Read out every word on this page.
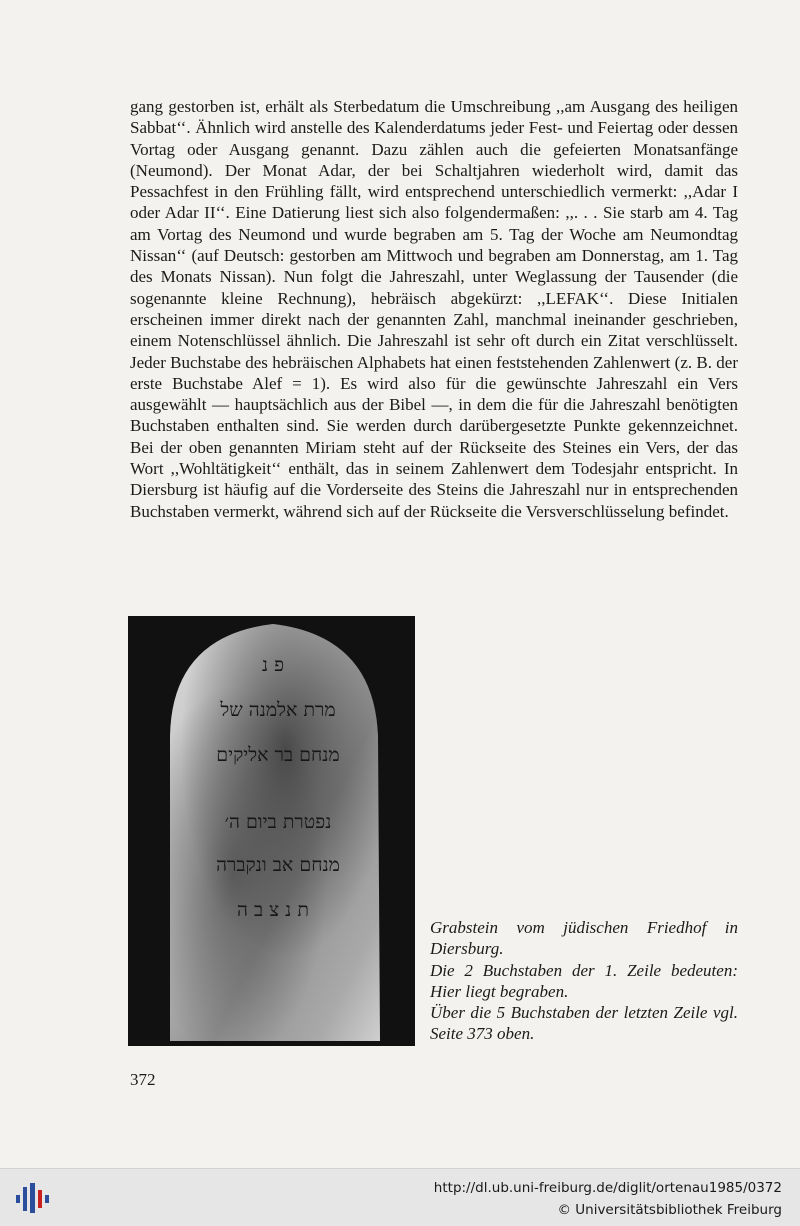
gang gestorben ist, erhält als Sterbedatum die Umschreibung ,,am Ausgang des heiligen Sabbat‘‘. Ähnlich wird anstelle des Kalenderdatums jeder Fest- und Feiertag oder dessen Vortag oder Ausgang genannt. Dazu zählen auch die gefeierten Monatsanfänge (Neumond). Der Monat Adar, der bei Schaltjahren wiederholt wird, damit das Pessachfest in den Frühling fällt, wird entsprechend unterschiedlich vermerkt: ,,Adar I oder Adar II‘‘. Eine Datierung liest sich also folgendermaßen: ,,. . . Sie starb am 4. Tag am Vortag des Neumond und wurde begraben am 5. Tag der Woche am Neumondtag Nissan‘‘ (auf Deutsch: gestorben am Mittwoch und begraben am Donnerstag, am 1. Tag des Monats Nissan). Nun folgt die Jahreszahl, unter Weglassung der Tausender (die sogenannte kleine Rechnung), hebräisch abgekürzt: ,,LEFAK‘‘. Diese Initialen erscheinen immer direkt nach der genannten Zahl, manchmal ineinander geschrieben, einem Notenschlüssel ähnlich. Die Jahreszahl ist sehr oft durch ein Zitat verschlüsselt. Jeder Buchstabe des hebräischen Alphabets hat einen feststehenden Zahlenwert (z. B. der erste Buchstabe Alef = 1). Es wird also für die gewünschte Jahreszahl ein Vers ausgewählt — hauptsächlich aus der Bibel —, in dem die für die Jahreszahl benötigten Buchstaben enthalten sind. Sie werden durch darübergesetzte Punkte gekennzeichnet. Bei der oben genannten Miriam steht auf der Rückseite des Steines ein Vers, der das Wort ,,Wohltätigkeit‘‘ enthält, das in seinem Zahlenwert dem Todesjahr entspricht. In Diersburg ist häufig auf die Vorderseite des Steins die Jahreszahl nur in entsprechenden Buchstaben vermerkt, während sich auf der Rückseite die Versverschlüsselung befindet.

פ נ
מרת אלמנה של
מנחם בר אליקים
נפטרת ביום ה׳
מנחם אב ונקברה
ת נ צ ב ה
Grabstein vom jüdischen Friedhof in Diersburg.
Die 2 Buchstaben der 1. Zeile bedeuten: Hier liegt begraben.
Über die 5 Buchstaben der letzten Zeile vgl. Seite 373 oben.
372
http://dl.ub.uni-freiburg.de/diglit/ortenau1985/0372
© Universitätsbibliothek Freiburg
